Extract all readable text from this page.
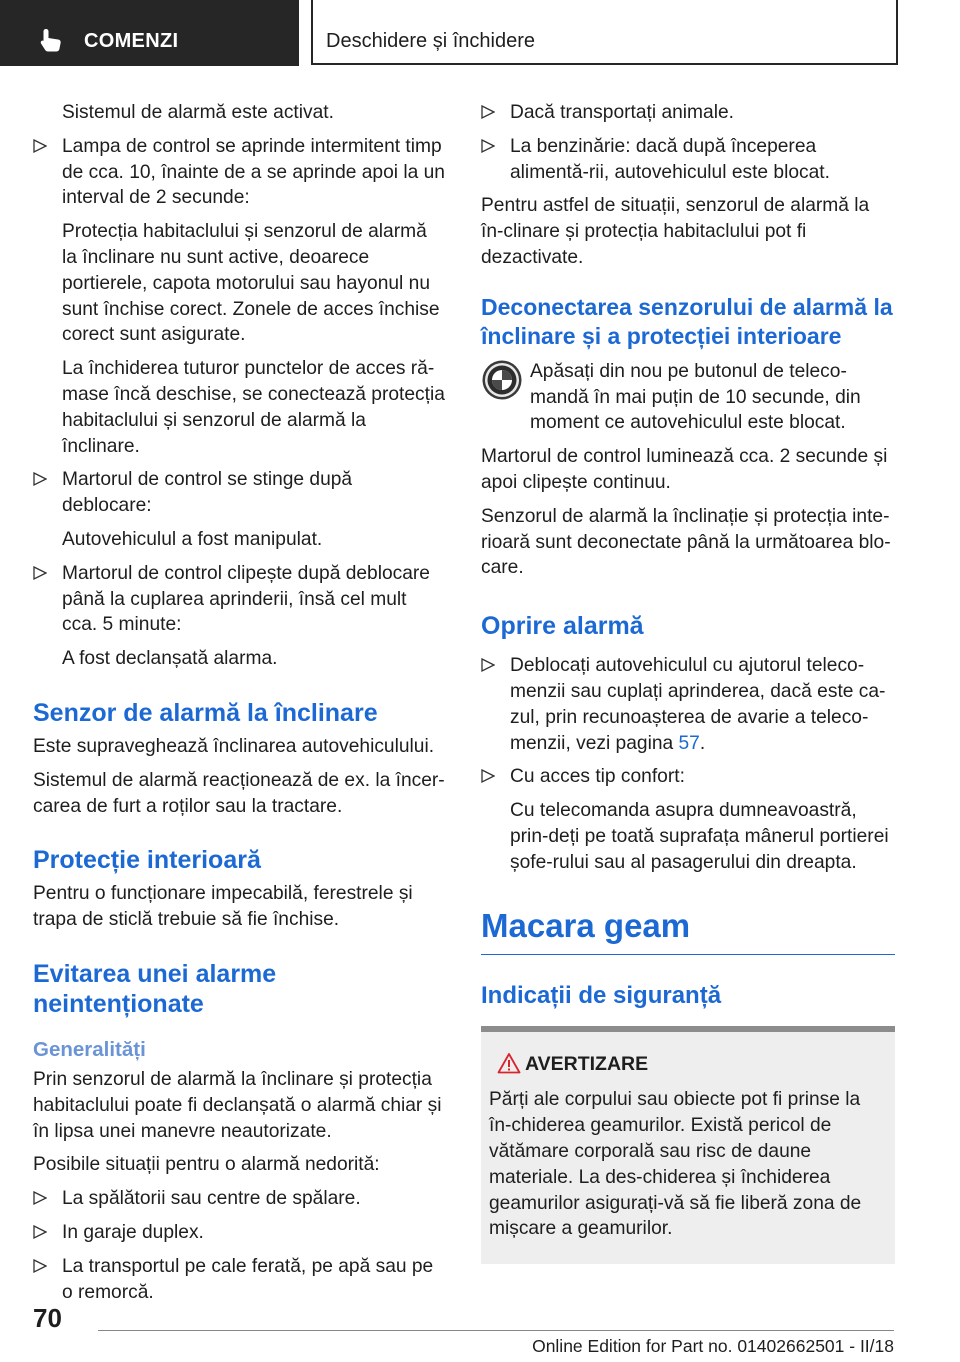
COMENZI	Deschidere și închidere

Sistemul de alarmă este activat.

Lampa de control se aprinde intermitent timp de cca. 10, înainte de a se aprinde apoi la un interval de 2 secunde:

Protecția habitaclului și senzorul de alarmă la înclinare nu sunt active, deoarece portierele, capota motorului sau hayonul nu sunt închise corect. Zonele de acces închise corect sunt asigurate.

La închiderea tuturor punctelor de acces ră-mase încă deschise, se conectează protecția habitaclului și senzorul de alarmă la înclinare.

Martorul de control se stinge după deblocare:

Autovehiculul a fost manipulat.

Martorul de control clipește după deblocare până la cuplarea aprinderii, însă cel mult cca. 5 minute:

A fost declanșată alarma.

Senzor de alarmă la înclinare

Este supraveghează înclinarea autovehiculului.

Sistemul de alarmă reacționează de ex. la încer-carea de furt a roților sau la tractare.

Protecție interioară

Pentru o funcționare impecabilă, ferestrele și trapa de sticlă trebuie să fie închise.

Evitarea unei alarme neintenționate
Generalități

Prin senzorul de alarmă la înclinare și protecția habitaclului poate fi declanșată o alarmă chiar și în lipsa unei manevre neautorizate.

Posibile situații pentru o alarmă nedorită:

La spălătorii sau centre de spălare.
In garaje duplex.
La transportul pe cale ferată, pe apă sau pe o remorcă.
Dacă transportați animale.
La benzinărie: dacă după începerea alimentă-rii, autovehiculul este blocat.

Pentru astfel de situații, senzorul de alarmă la în-clinare și protecția habitaclului pot fi dezactivate.

Deconectarea senzorului de alarmă la înclinare și a protecției interioare

Apăsați din nou pe butonul de teleco-mandă în mai puțin de 10 secunde, din moment ce autovehiculul este blocat.

Martorul de control luminează cca. 2 secunde și apoi clipește continuu.

Senzorul de alarmă la înclinație și protecția inte-rioară sunt deconectate până la următoarea blo-care.

Oprire alarmă
Deblocați autovehiculul cu ajutorul teleco-menzii sau cuplați aprinderea, dacă este ca-zul, prin recunoașterea de avarie a teleco-menzii, vezi pagina 57.
Cu acces tip confort:

Cu telecomanda asupra dumneavoastră, prin-deți pe toată suprafața mânerul portierei șofe-rului sau al pasagerului din dreapta.

Macara geam
Indicații de siguranță
AVERTIZARE
Părți ale corpului sau obiecte pot fi prinse la în-chiderea geamurilor. Există pericol de vătămare corporală sau risc de daune materiale. La des-chiderea și închiderea geamurilor asigurați-vă să fie liberă zona de mișcare a geamurilor.
70
Online Edition for Part no. 01402662501 - II/18
